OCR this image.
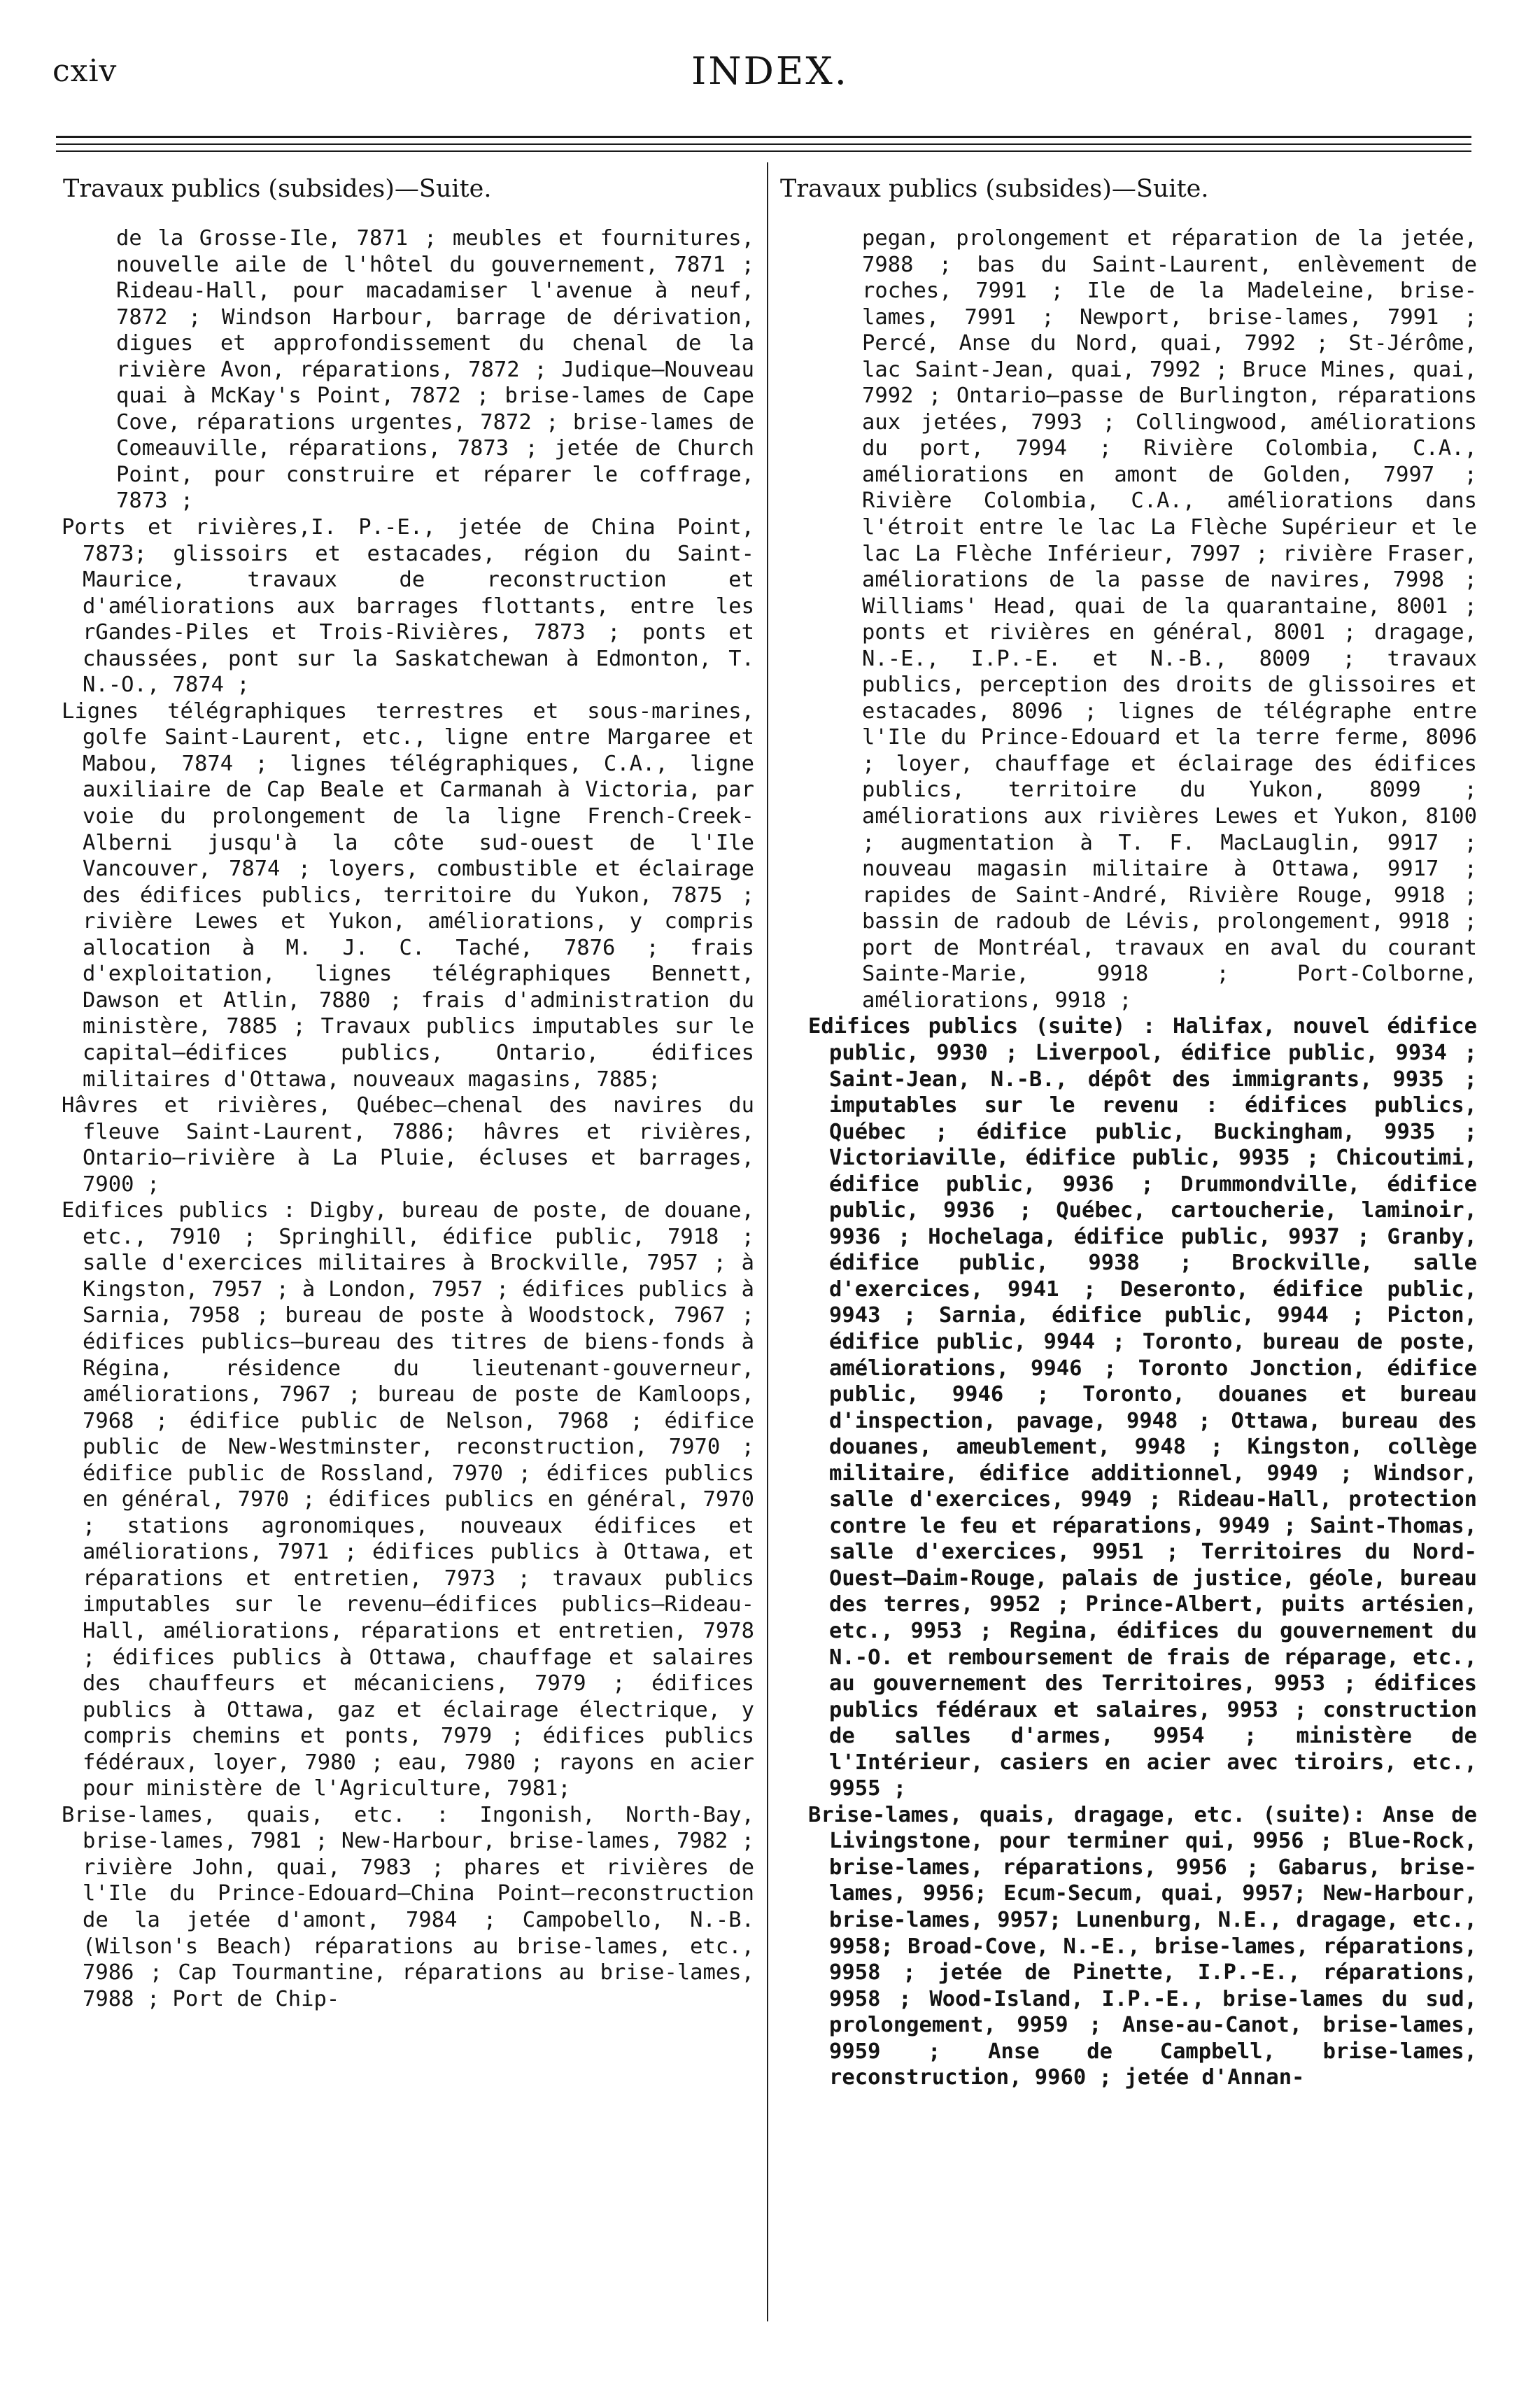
cxiv	INDEX.
Travaux publics (subsides)—Suite.

de la Grosse-Ile, 7871 ; meubles et fournitures, nouvelle aile de l'hôtel du gouvernement, 7871 ; Rideau-Hall, pour macadamiser l'avenue à neuf, 7872 ; Windson Harbour, barrage de dérivation, digues et approfondissement du chenal de la rivière Avon, réparations, 7872 ; Judique—Nouveau quai à McKay's Point, 7872 ; brise-lames de Cape Cove, réparations urgentes, 7872 ; brise-lames de Comeauville, réparations, 7873 ; jetée de Church Point, pour construire et réparer le coffrage, 7873 ;

Ports et rivières,I. P.-E., jetée de China Point, 7873; glissoirs et estacades, région du Saint-Maurice, travaux de reconstruction et d'améliorations aux barrages flottants, entre les rGandes-Piles et Trois-Rivières, 7873 ; ponts et chaussées, pont sur la Saskatchewan à Edmonton, T. N.-O., 7874 ;

Lignes télégraphiques terrestres et sous-marines, golfe Saint-Laurent, etc., ligne entre Margaree et Mabou, 7874 ; lignes télégraphiques, C.A., ligne auxiliaire de Cap Beale et Carmanah à Victoria, par voie du prolongement de la ligne French-Creek-Alberni jusqu'à la côte sud-ouest de l'Ile Vancouver, 7874 ; loyers, combustible et éclairage des édifices publics, territoire du Yukon, 7875 ; rivière Lewes et Yukon, améliorations, y compris allocation à M. J. C. Taché, 7876 ; frais d'exploitation, lignes télégraphiques Bennett, Dawson et Atlin, 7880 ; frais d'administration du ministère, 7885 ; Travaux publics imputables sur le capital—édifices publics, Ontario, édifices militaires d'Ottawa, nouveaux magasins, 7885;

Hâvres et rivières, Québec—chenal des navires du fleuve Saint-Laurent, 7886; hâvres et rivières, Ontario—rivière à La Pluie, écluses et barrages, 7900 ;

Edifices publics : Digby, bureau de poste, de douane, etc., 7910 ; Springhill, édifice public, 7918 ; salle d'exercices militaires à Brockville, 7957 ; à Kingston, 7957 ; à London, 7957 ; édifices publics à Sarnia, 7958 ; bureau de poste à Woodstock, 7967 ; édifices publics—bureau des titres de biens-fonds à Régina, résidence du lieutenant-gouverneur, améliorations, 7967 ; bureau de poste de Kamloops, 7968 ; édifice public de Nelson, 7968 ; édifice public de New-Westminster, reconstruction, 7970 ; édifice public de Rossland, 7970 ; édifices publics en général, 7970 ; édifices publics en général, 7970 ; stations agronomiques, nouveaux édifices et améliorations, 7971 ; édifices publics à Ottawa, et réparations et entretien, 7973 ; travaux publics imputables sur le revenu—édifices publics—Rideau-Hall, améliorations, réparations et entretien, 7978 ; édifices publics à Ottawa, chauffage et salaires des chauffeurs et mécaniciens, 7979 ; édifices publics à Ottawa, gaz et éclairage électrique, y compris chemins et ponts, 7979 ; édifices publics fédéraux, loyer, 7980 ; eau, 7980 ; rayons en acier pour ministère de l'Agriculture, 7981;

Brise-lames, quais, etc. : Ingonish, North-Bay, brise-lames, 7981 ; New-Harbour, brise-lames, 7982 ; rivière John, quai, 7983 ; phares et rivières de l'Ile du Prince-Edouard—China Point—reconstruction de la jetée d'amont, 7984 ; Campobello, N.-B. (Wilson's Beach) réparations au brise-lames, etc., 7986 ; Cap Tourmantine, réparations au brise-lames, 7988 ; Port de Chip-

Travaux publics (subsides)—Suite.

pegan, prolongement et réparation de la jetée, 7988 ; bas du Saint-Laurent, enlèvement de roches, 7991 ; Ile de la Madeleine, brise-lames, 7991 ; Newport, brise-lames, 7991 ; Percé, Anse du Nord, quai, 7992 ; St-Jérôme, lac Saint-Jean, quai, 7992 ; Bruce Mines, quai, 7992 ; Ontario—passe de Burlington, réparations aux jetées, 7993 ; Collingwood, améliorations du port, 7994 ; Rivière Colombia, C.A., améliorations en amont de Golden, 7997 ; Rivière Colombia, C.A., améliorations dans l'étroit entre le lac La Flèche Supérieur et le lac La Flèche Inférieur, 7997 ; rivière Fraser, améliorations de la passe de navires, 7998 ; Williams' Head, quai de la quarantaine, 8001 ; ponts et rivières en général, 8001 ; dragage, N.-E., I.P.-E. et N.-B., 8009 ; travaux publics, perception des droits de glissoires et estacades, 8096 ; lignes de télégraphe entre l'Ile du Prince-Edouard et la terre ferme, 8096 ; loyer, chauffage et éclairage des édifices publics, territoire du Yukon, 8099 ; améliorations aux rivières Lewes et Yukon, 8100 ; augmentation à T. F. MacLauglin, 9917 ; nouveau magasin militaire à Ottawa, 9917 ; rapides de Saint-André, Rivière Rouge, 9918 ; bassin de radoub de Lévis, prolongement, 9918 ; port de Montréal, travaux en aval du courant Sainte-Marie, 9918 ; Port-Colborne, améliorations, 9918 ;

Edifices publics (suite) : Halifax, nouvel édifice public, 9930 ; Liverpool, édifice public, 9934 ; Saint-Jean, N.-B., dépôt des immigrants, 9935 ; imputables sur le revenu : édifices publics, Québec ; édifice public, Buckingham, 9935 ; Victoriaville, édifice public, 9935 ; Chicoutimi, édifice public, 9936 ; Drummondville, édifice public, 9936 ; Québec, cartoucherie, laminoir, 9936 ; Hochelaga, édifice public, 9937 ; Granby, édifice public, 9938 ; Brockville, salle d'exercices, 9941 ; Deseronto, édifice public, 9943 ; Sarnia, édifice public, 9944 ; Picton, édifice public, 9944 ; Toronto, bureau de poste, améliorations, 9946 ; Toronto Jonction, édifice public, 9946 ; Toronto, douanes et bureau d'inspection, pavage, 9948 ; Ottawa, bureau des douanes, ameublement, 9948 ; Kingston, collège militaire, édifice additionnel, 9949 ; Windsor, salle d'exercices, 9949 ; Rideau-Hall, protection contre le feu et réparations, 9949 ; Saint-Thomas, salle d'exercices, 9951 ; Territoires du Nord-Ouest—Daim-Rouge, palais de justice, géole, bureau des terres, 9952 ; Prince-Albert, puits artésien, etc., 9953 ; Regina, édifices du gouvernement du N.-O. et remboursement de frais de réparage, etc., au gouvernement des Territoires, 9953 ; édifices publics fédéraux et salaires, 9953 ; construction de salles d'armes, 9954 ; ministère de l'Intérieur, casiers en acier avec tiroirs, etc., 9955 ;

Brise-lames, quais, dragage, etc. (suite): Anse de Livingstone, pour terminer qui, 9956 ; Blue-Rock, brise-lames, réparations, 9956 ; Gabarus, brise-lames, 9956; Ecum-Secum, quai, 9957; New-Harbour, brise-lames, 9957; Lunenburg, N.E., dragage, etc., 9958; Broad-Cove, N.-E., brise-lames, réparations, 9958 ; jetée de Pinette, I.P.-E., réparations, 9958 ; Wood-Island, I.P.-E., brise-lames du sud, prolongement, 9959 ; Anse-au-Canot, brise-lames, 9959 ; Anse de Campbell, brise-lames, reconstruction, 9960 ; jetée d'Annan-
